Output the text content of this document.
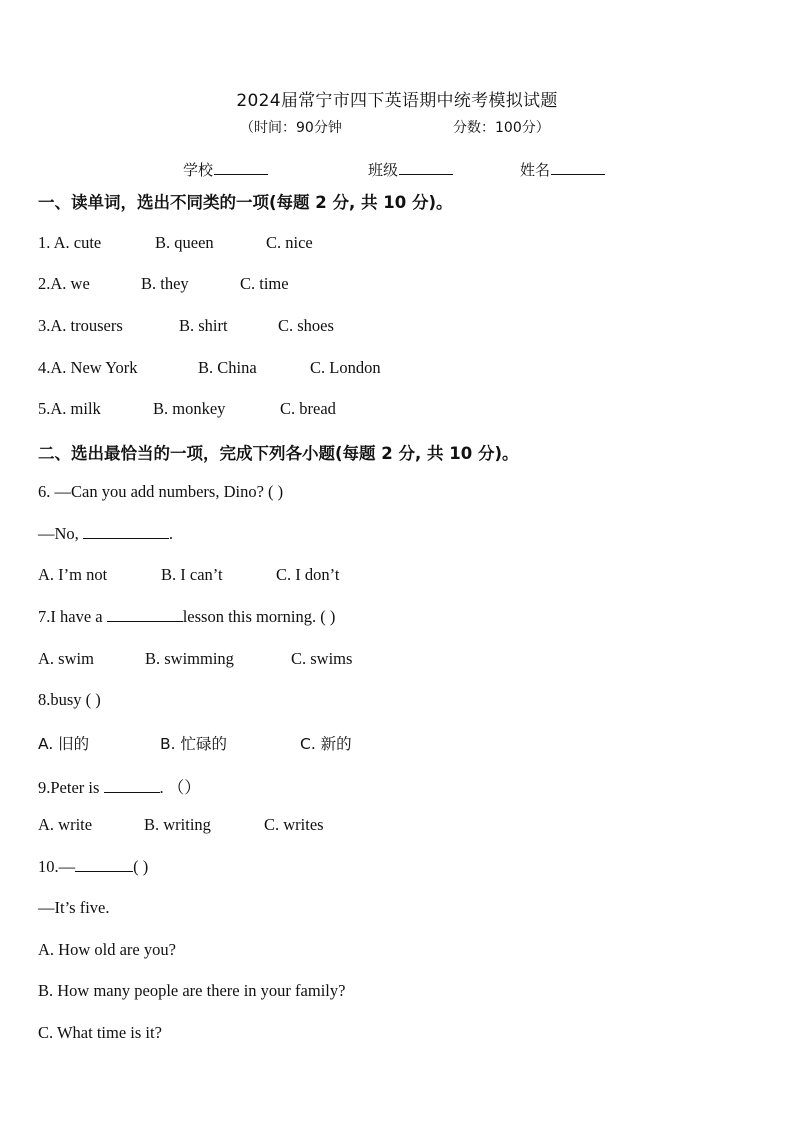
2024届常宁市四下英语期中统考模拟试题
（时间：90分钟	分数：100分）
学校	班级	姓名
一、读单词，选出不同类的一项(每题 2 分, 共 10 分)。
1. A. cute	B. queen	C. nice
2.A. we	B. they	C. time
3.A. trousers	B. shirt	C. shoes
4.A. New York	B. China	C. London
5.A. milk	B. monkey	C. bread
二、选出最恰当的一项，完成下列各小题(每题 2 分, 共 10 分)。
6. —Can you add numbers, Dino? ( )
—No,	.
A. I’m not	B. I can’t	C. I don’t
7.I have a	lesson this morning. ( )
A. swim	B. swimming	C. swims
8.busy ( )
A. 旧的	B. 忙碌的	C. 新的
9.Peter is	. （）
A. write	B. writing	C. writes
10.—	( )
—It’s five.
A. How old are you?
B. How many people are there in your family?
C. What time is it?
